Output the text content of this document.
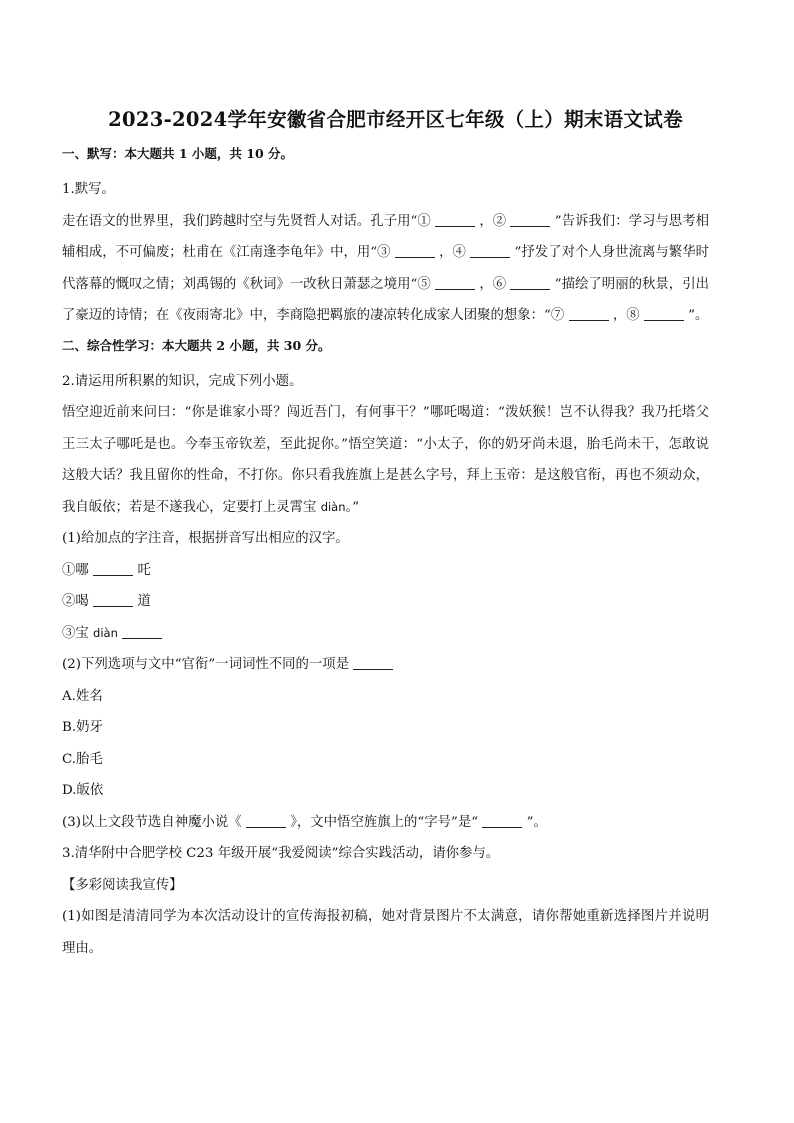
2023-2024学年安徽省合肥市经开区七年级（上）期末语文试卷
一、默写：本大题共 1 小题，共 10 分。

1.默写。

走在语文的世界里，我们跨越时空与先贤哲人对话。孔子用“①	，②	”告诉我们：学习与思考相辅相成，不可偏废；杜甫在《江南逢李龟年》中，用“③	，④	”抒发了对个人身世流离与繁华时代落幕的慨叹之情；刘禹锡的《秋词》一改秋日萧瑟之境用“⑤	，⑥	”描绘了明丽的秋景，引出了豪迈的诗情；在《夜雨寄北》中，李商隐把羁旅的凄凉转化成家人团聚的想象：“⑦	，⑧	”。

二、综合性学习：本大题共 2 小题，共 30 分。

2.请运用所积累的知识，完成下列小题。

悟空迎近前来问曰：“你是谁家小哥？闯近吾门，有何事干？”哪吒喝道：“泼妖猴！岂不认得我？我乃托塔父王三太子哪吒是也。今奉玉帝钦差，至此捉你。”悟空笑道：“小太子，你的奶牙尚未退，胎毛尚未干，怎敢说这般大话？我且留你的性命，不打你。你只看我旌旗上是甚么字号，拜上玉帝：是这般官衔，再也不须动众，我自皈依；若是不遂我心，定要打上灵霄宝 diàn。”

(1)给加点的字注音，根据拼音写出相应的汉字。

①哪	吒

②喝	道

③宝 diàn

(2)下列选项与文中“官衔”一词词性不同的一项是

A.姓名

B.奶牙

C.胎毛

D.皈依

(3)以上文段节选自神魔小说《	》，文中悟空旌旗上的“字号”是“	”。

3.清华附中合肥学校 C23 年级开展“我爱阅读”综合实践活动，请你参与。

【多彩阅读我宣传】

(1)如图是清清同学为本次活动设计的宣传海报初稿，她对背景图片不太满意，请你帮她重新选择图片并说明理由。
